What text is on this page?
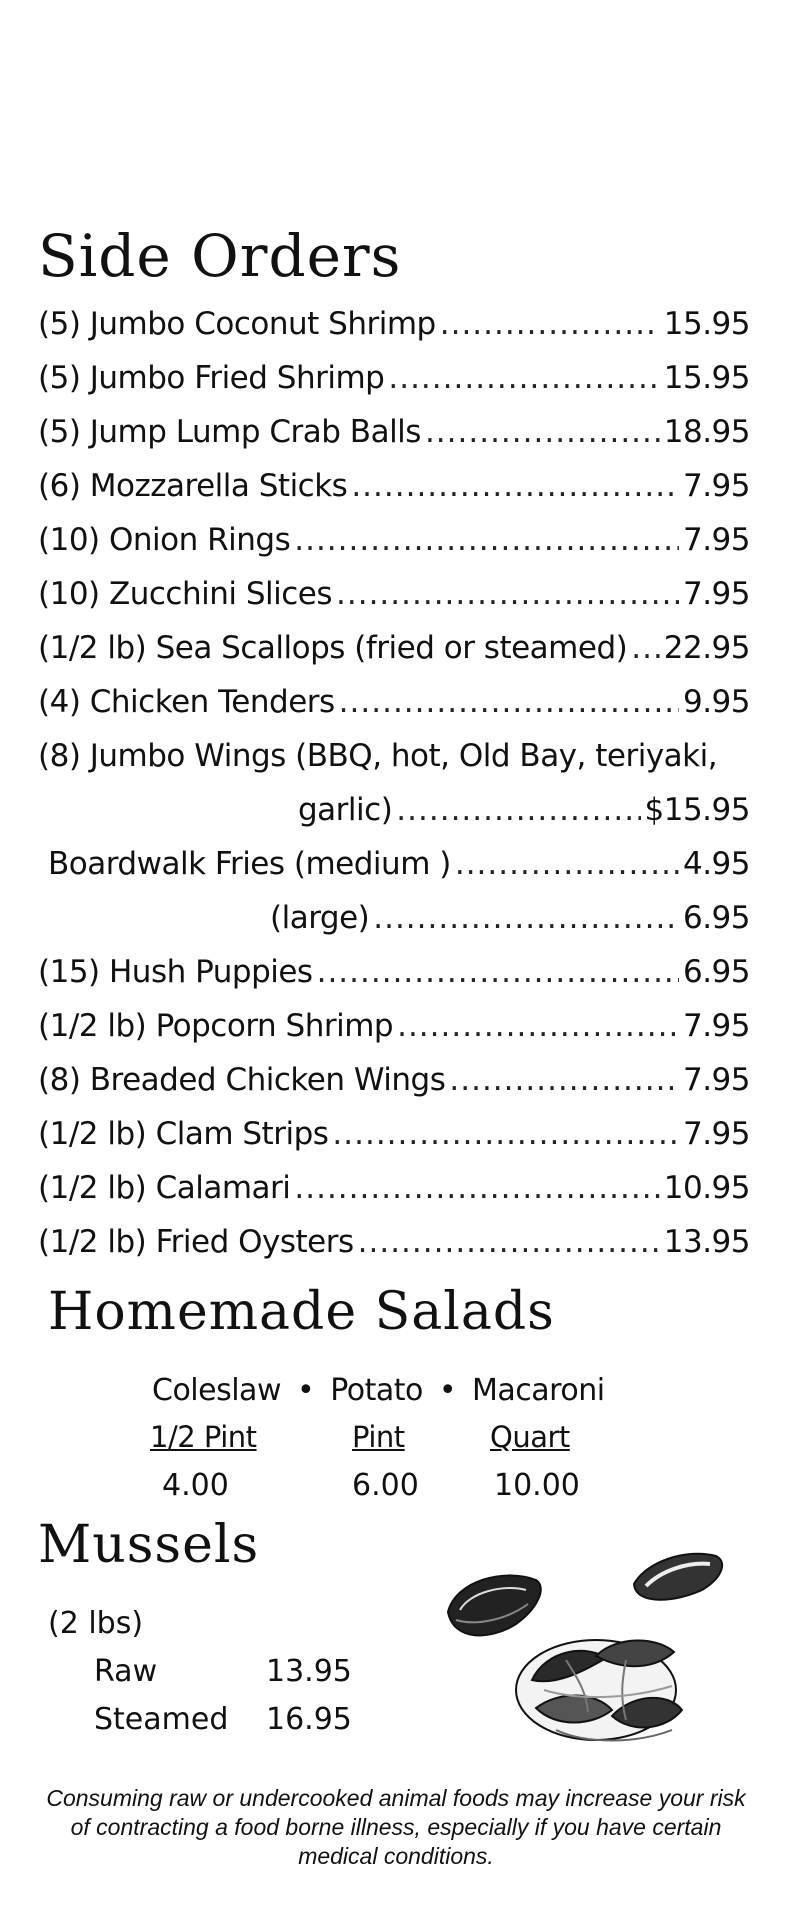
Side Orders
(5) Jumbo Coconut Shrimp .....	15.95
(5) Jumbo Fried Shrimp .....	15.95
(5) Jump Lump Crab Balls .....	18.95
(6) Mozzarella Sticks .....	7.95
(10) Onion Rings .....	7.95
(10) Zucchini Slices .....	7.95
(1/2 lb) Sea Scallops (fried or steamed) ..... 22.95
(4) Chicken Tenders .....	9.95
(8) Jumbo Wings (BBQ, hot, Old Bay, teriyaki,
garlic) .....	$15.95
Boardwalk Fries (medium ) .....	4.95
(large) .....	6.95
(15) Hush Puppies .....	6.95
(1/2 lb) Popcorn Shrimp .....	7.95
(8) Breaded Chicken Wings .....	7.95
(1/2 lb) Clam Strips .....	7.95
(1/2 lb) Calamari .....	10.95
(1/2 lb) Fried Oysters .....	13.95
Homemade Salads
Coleslaw • Potato • Macaroni
1/2 Pint	Pint	Quart
4.00	6.00	10.00
Mussels
(2 lbs)
Raw	13.95
Steamed 16.95
Consuming raw or undercooked animal foods may increase your risk of contracting a food borne illness, especially if you have certain medical conditions.
